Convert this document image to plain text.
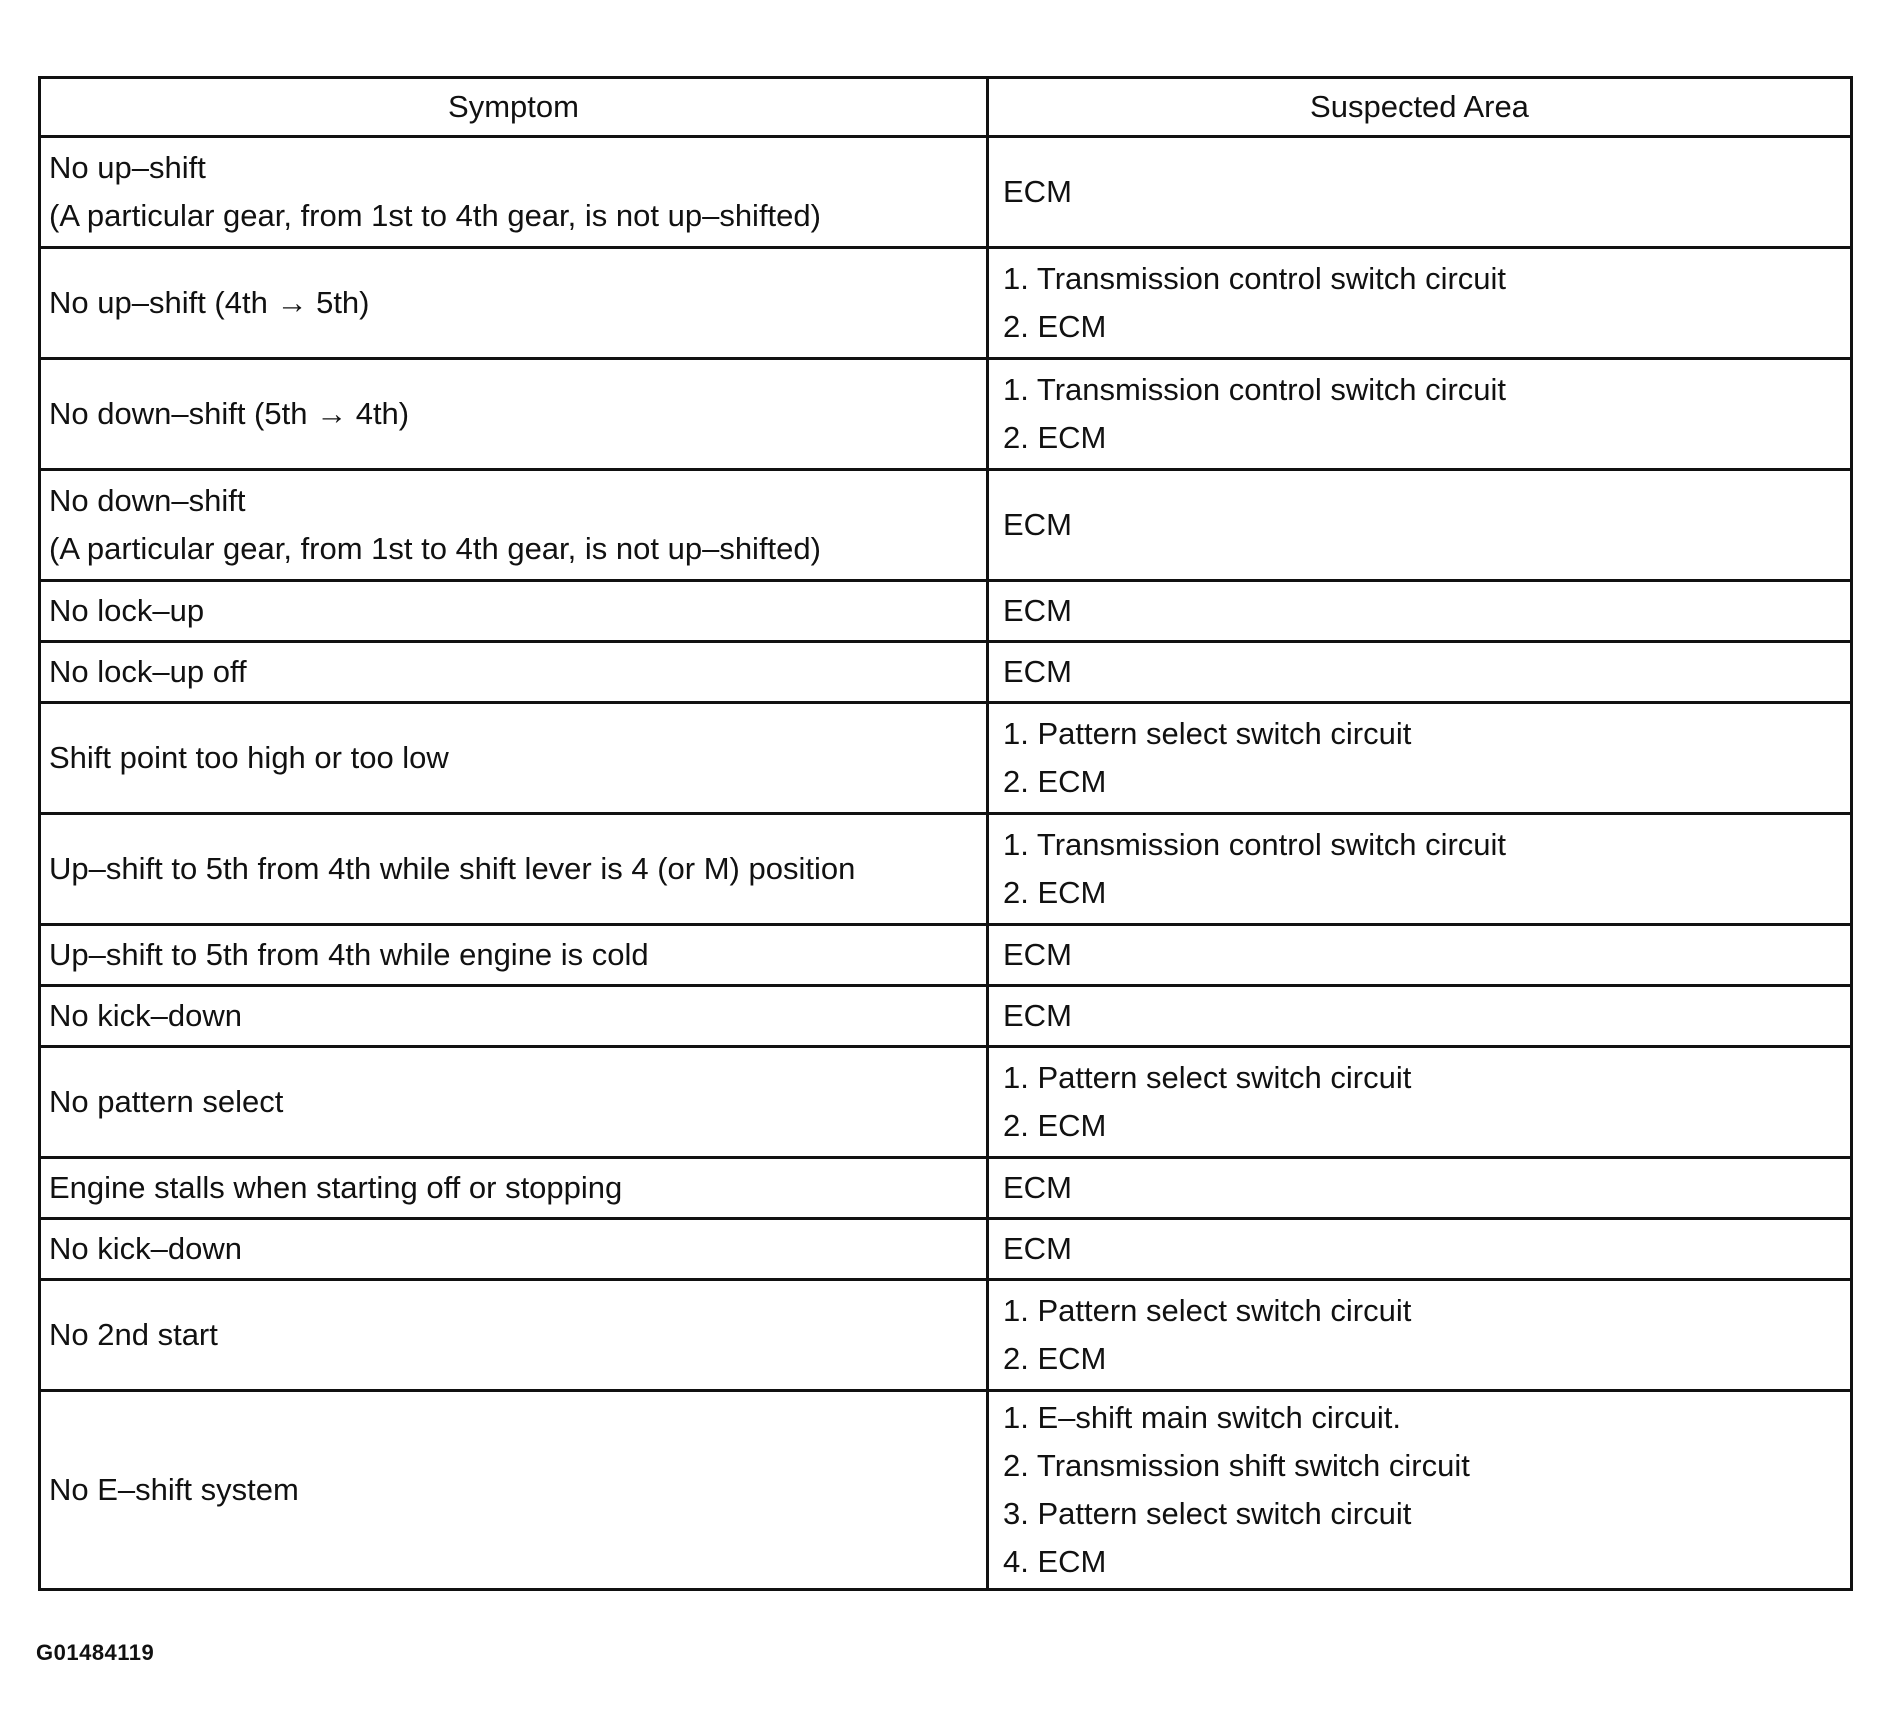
Symptom	Suspected Area

No up–shift
(A particular gear, from 1st to 4th gear, is not up–shifted)	ECM

No up–shift (4th → 5th)	1. Transmission control switch circuit
2. ECM

No down–shift (5th → 4th)	1. Transmission control switch circuit
2. ECM

No down–shift
(A particular gear, from 1st to 4th gear, is not up–shifted)	ECM

No lock–up	ECM

No lock–up off	ECM

Shift point too high or too low	1. Pattern select switch circuit
2. ECM

Up–shift to 5th from 4th while shift lever is 4 (or M) position	1. Transmission control switch circuit
2. ECM

Up–shift to 5th from 4th while engine is cold	ECM

No kick–down	ECM

No pattern select	1. Pattern select switch circuit
2. ECM

Engine stalls when starting off or stopping	ECM

No kick–down	ECM

No 2nd start	1. Pattern select switch circuit
2. ECM

No E–shift system	1. E–shift main switch circuit.
2. Transmission shift switch circuit
3. Pattern select switch circuit
4. ECM
G01484119
